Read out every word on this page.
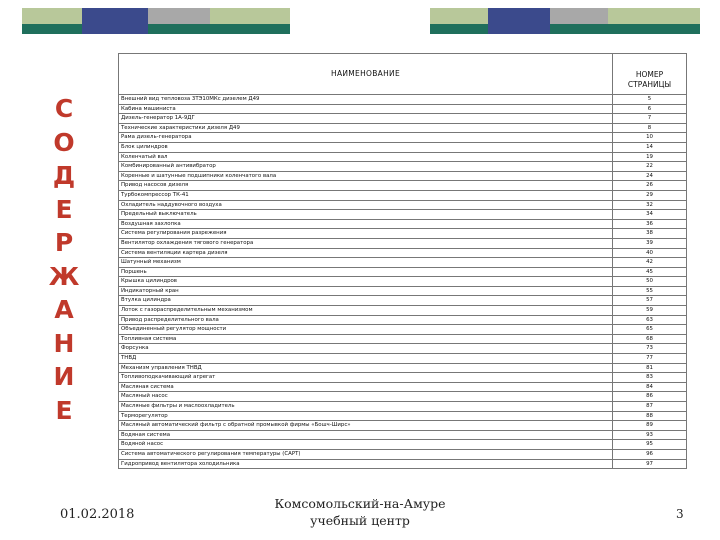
С
О
Д
Е
Р
Ж
А
Н
И
Е
НАИМЕНОВАНИЕ	НОМЕР
СТРАНИЦЫ

Внешний вид тепловоза 3ТЭ10МКс дизелем Д49	5
Кабина машиниста	6
Дизель-генератор 1А-9ДГ	7
Технические характеристики дизеля Д49	8
Рама дизель-генератора	10
Блок цилиндров	14
Коленчатый вал	19
Комбинированный антивибратор	22
Коренные и шатунные подшипники коленчатого вала	24
Привод насосов дизеля	26
Турбокомпрессор ТК-41	29
Охладитель наддувочного воздуха	32
Предельный выключатель	34
Воздушная захлопка	36
Система регулирования разрежения	38
Вентилятор охлаждения тягового генератора	39
Система вентиляции картера дизеля	40
Шатунный механизм	42
Поршень	45
Крышка цилиндров	50
Индикаторный кран	55
Втулка цилиндра	57
Лоток с газораспределительным механизмом	59
Привод распределительного вала	63
Объединенный регулятор мощности	65
Топливная система	68
Форсунка	73
ТНВД	77
Механизм управления ТНВД	81
Топливоподкачивающий агрегат	83
Масляная система	84
Масляный насос	86
Масляные фильтры и маслоохладитель	87
Терморегулятор	88
Масляный автоматический фильтр с обратной промывкой фирмы «Бошч-Ширс»	89
Водяная система	93
Водяной насос	95
Система автоматического регулирования температуры (САРТ)	96
Гидропривод вентилятора холодильника	97
01.02.2018
Комсомольский-на-Амуре
учебный центр	3
